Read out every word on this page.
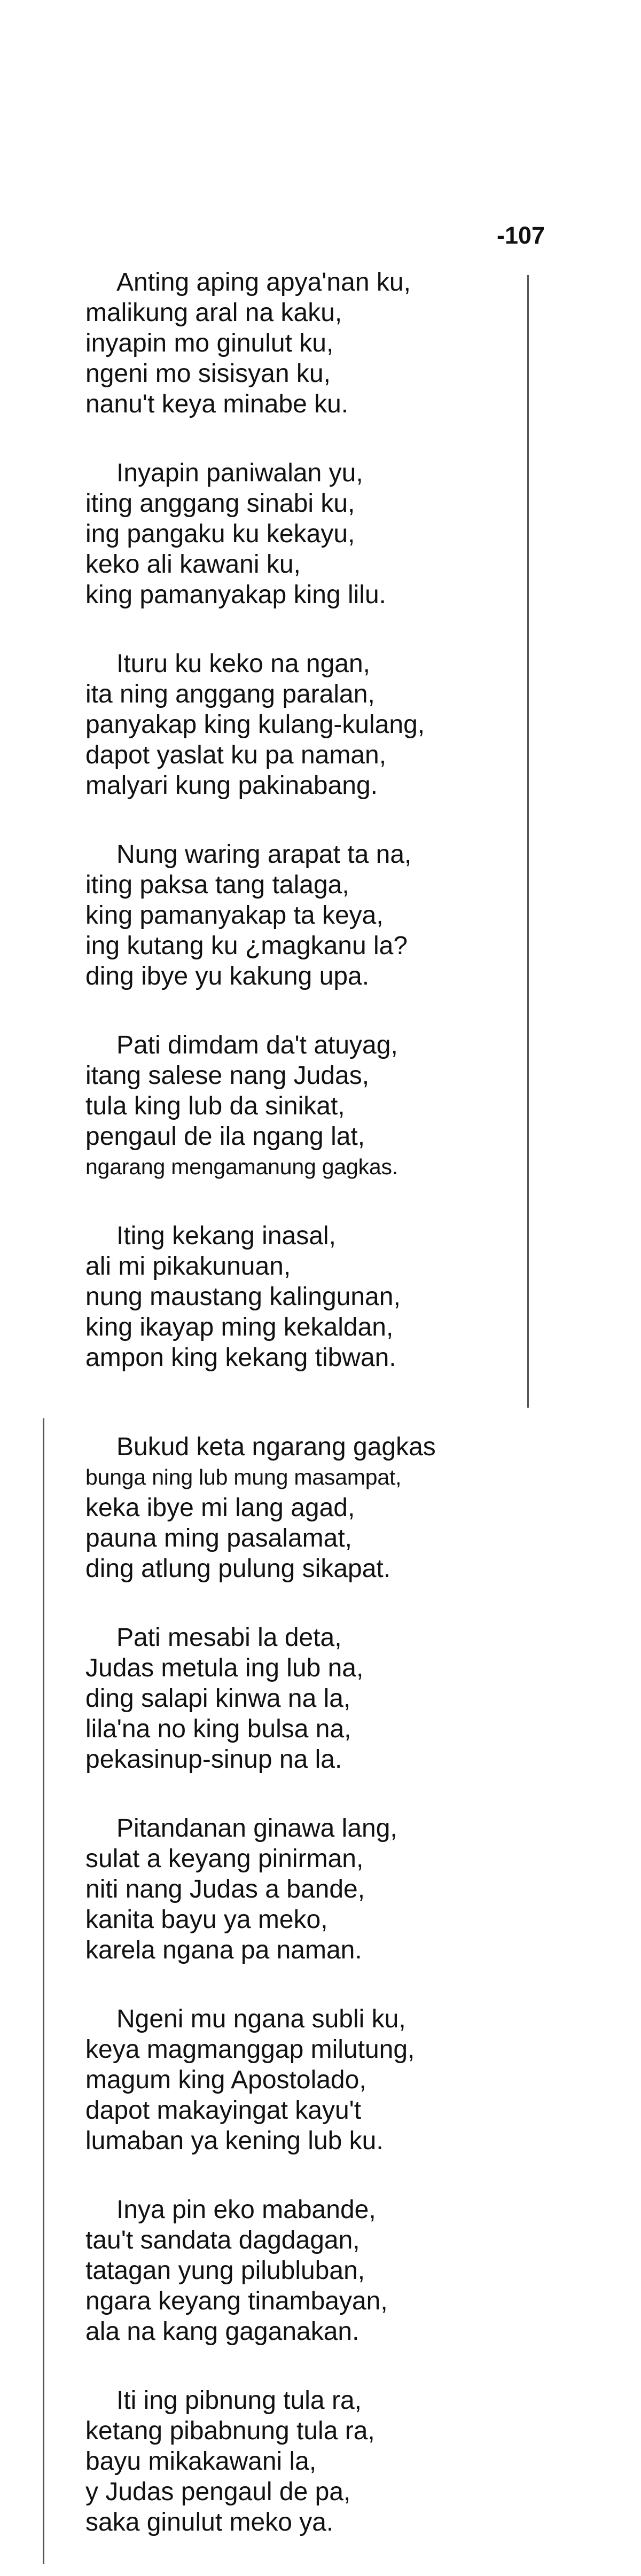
-107
Anting aping apya'nan ku,
malikung aral na kaku,
inyapin mo ginulut ku,
ngeni mo sisisyan ku,
nanu't keya minabe ku.
Inyapin paniwalan yu,
iting anggang sinabi ku,
ing pangaku ku kekayu,
keko ali kawani ku,
king pamanyakap king lilu.
Ituru ku keko na ngan,
ita ning anggang paralan,
panyakap king kulang-kulang,
dapot yaslat ku pa naman,
malyari kung pakinabang.
Nung waring arapat ta na,
iting paksa tang talaga,
king pamanyakap ta keya,
ing kutang ku ¿magkanu la?
ding ibye yu kakung upa.
Pati dimdam da't atuyag,
itang salese nang Judas,
tula king lub da sinikat,
pengaul de ila ngang lat,
ngarang mengamanung gagkas.
Iting kekang inasal,
ali mi pikakunuan,
nung maustang kalingunan,
king ikayap ming kekaldan,
ampon king kekang tibwan.
Bukud keta ngarang gagkas
bunga ning lub mung masampat,
keka ibye mi lang agad,
pauna ming pasalamat,
ding atlung pulung sikapat.
Pati mesabi la deta,
Judas metula ing lub na,
ding salapi kinwa na la,
lila'na no king bulsa na,
pekasinup-sinup na la.
Pitandanan ginawa lang,
sulat a keyang pinirman,
niti nang Judas a bande,
kanita bayu ya meko,
karela ngana pa naman.
Ngeni mu ngana subli ku,
keya magmanggap milutung,
magum king Apostolado,
dapot makayingat kayu't
lumaban ya kening lub ku.
Inya pin eko mabande,
tau't sandata dagdagan,
tatagan yung pilubluban,
ngara keyang tinambayan,
ala na kang gaganakan.
Iti ing pibnung tula ra,
ketang pibabnung tula ra,
bayu mikakawani la,
y Judas pengaul de pa,
saka ginulut meko ya.
